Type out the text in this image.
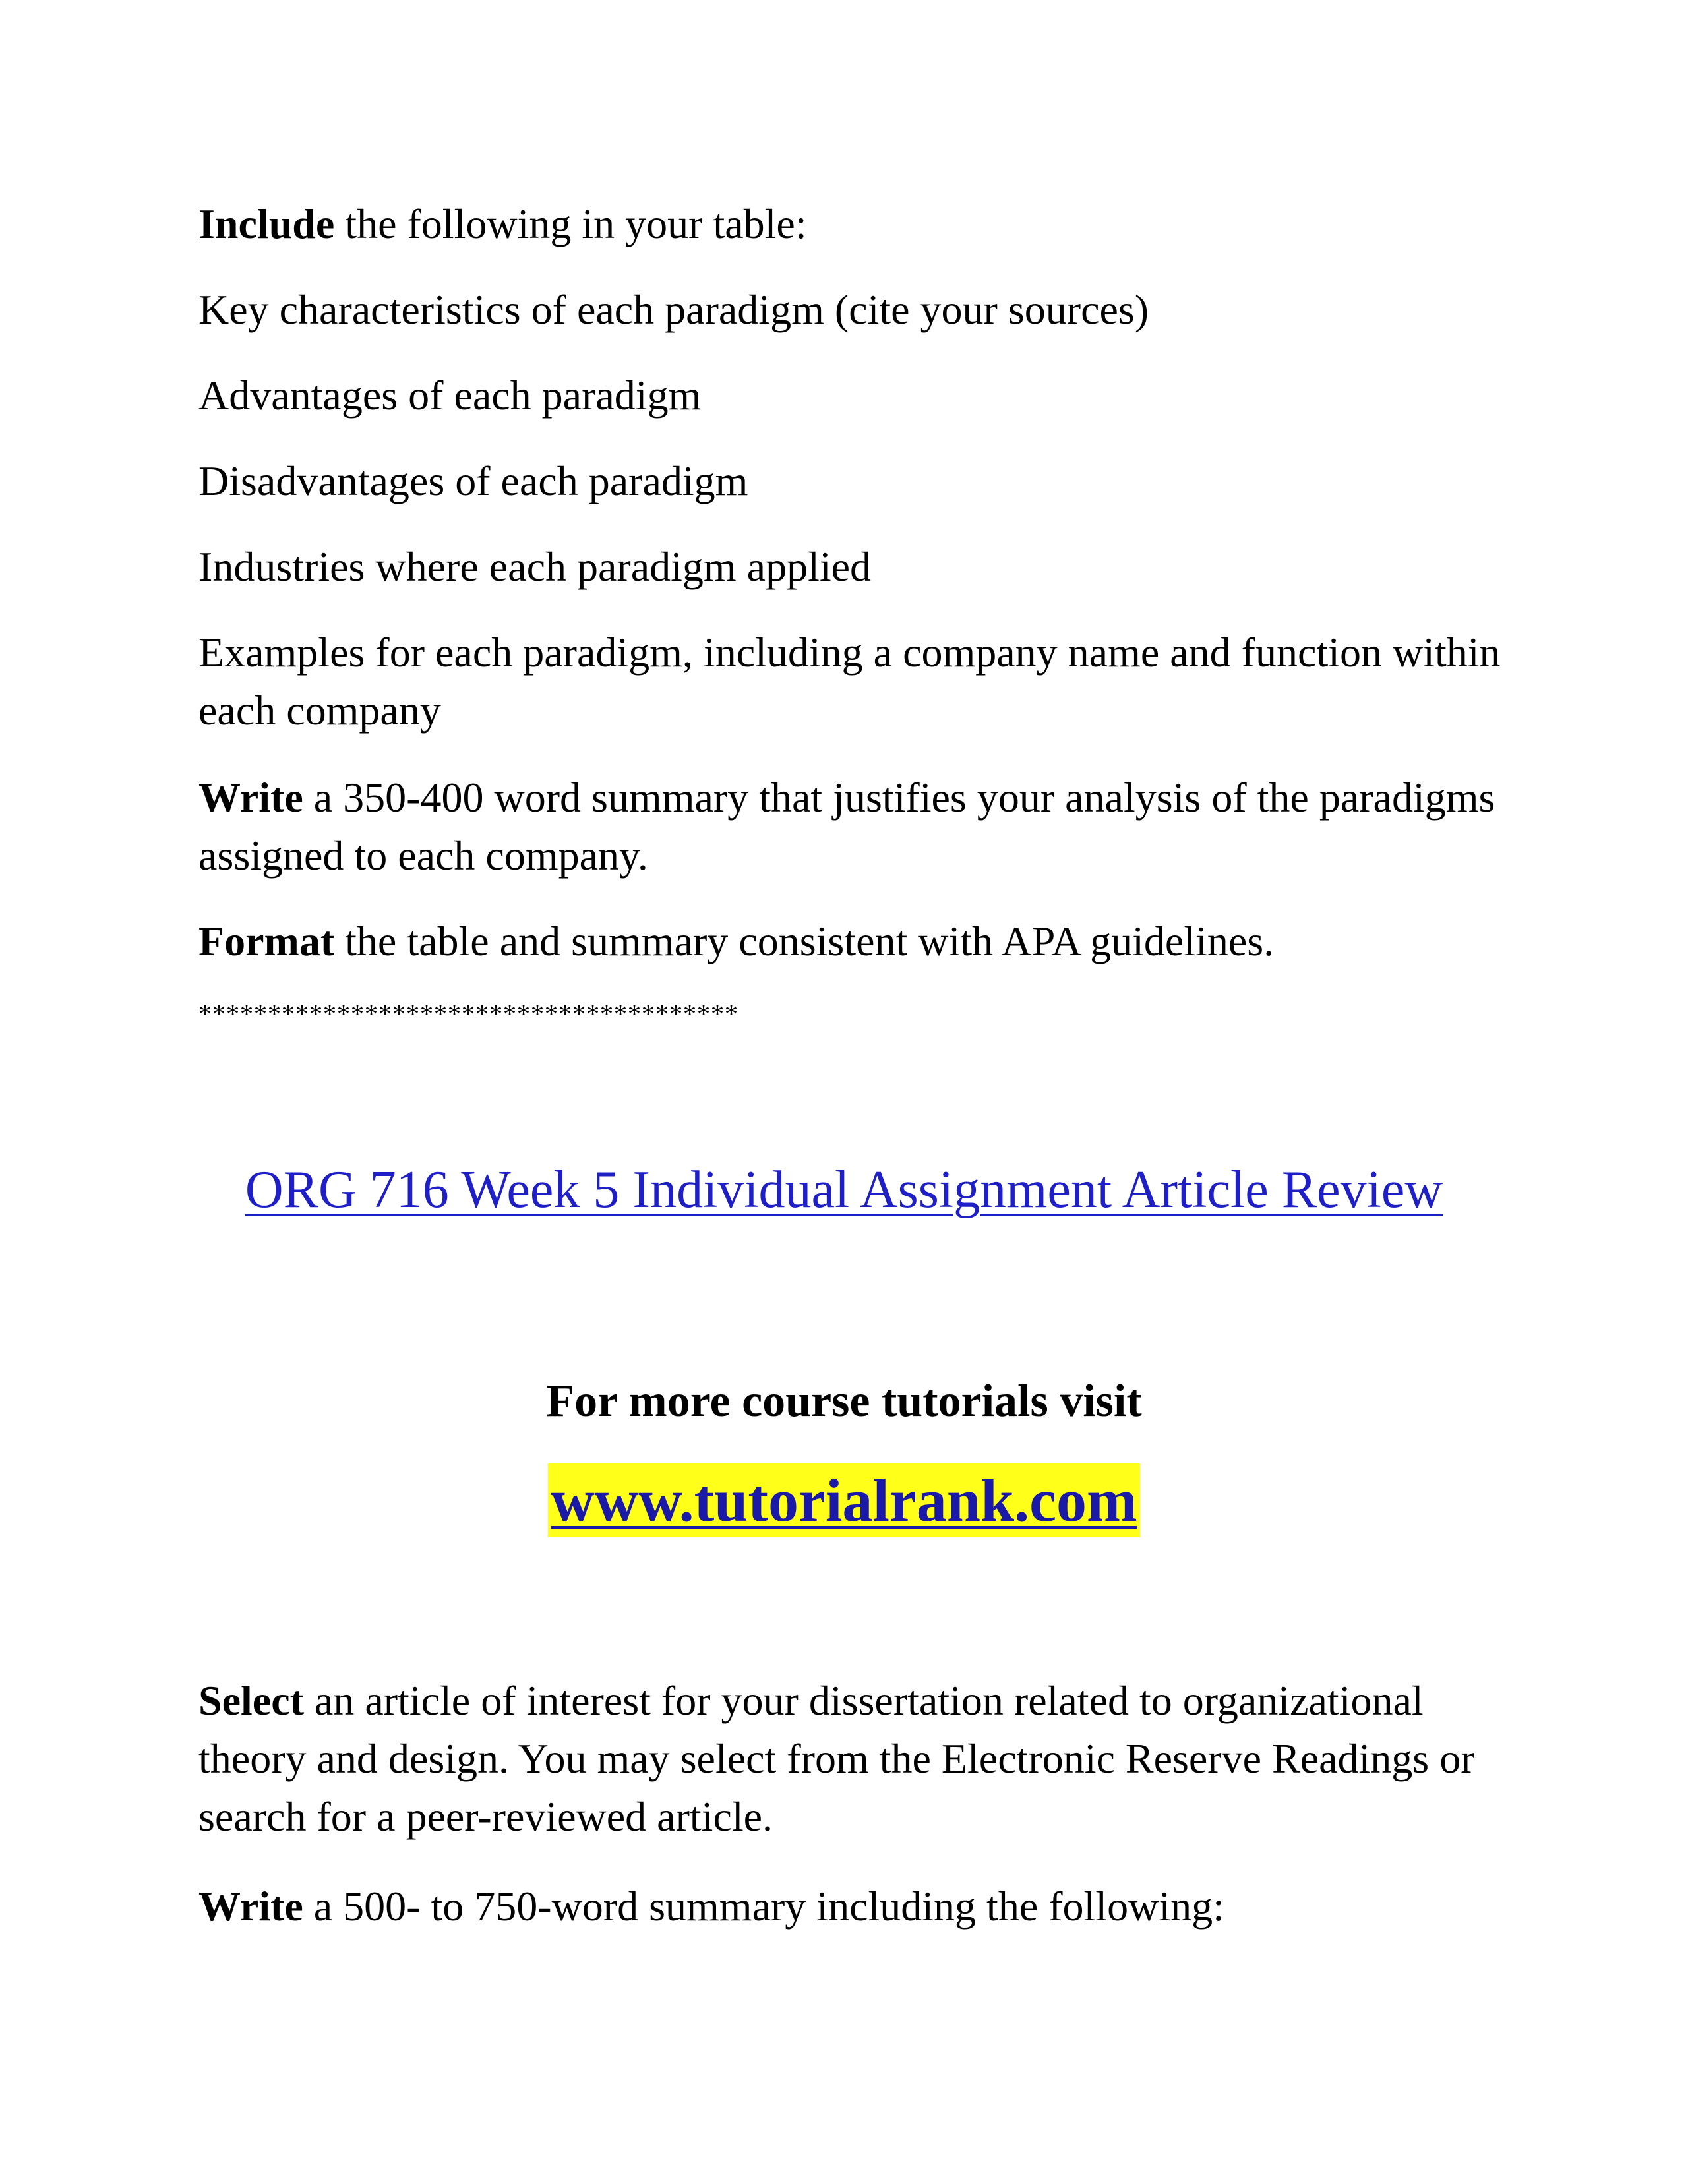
Include the following in your table:

Key characteristics of each paradigm (cite your sources)

Advantages of each paradigm

Disadvantages of each paradigm

Industries where each paradigm applied

Examples for each paradigm, including a company name and function within each company

Write a 350-400 word summary that justifies your analysis of the paradigms assigned to each company.

Format the table and summary consistent with APA guidelines.

***************************************

ORG 716 Week 5 Individual Assignment Article Review

For more course tutorials visit

www.tutorialrank.com

Select an article of interest for your dissertation related to organizational theory and design. You may select from the Electronic Reserve Readings or search for a peer-reviewed article.

Write a 500- to 750-word summary including the following:
